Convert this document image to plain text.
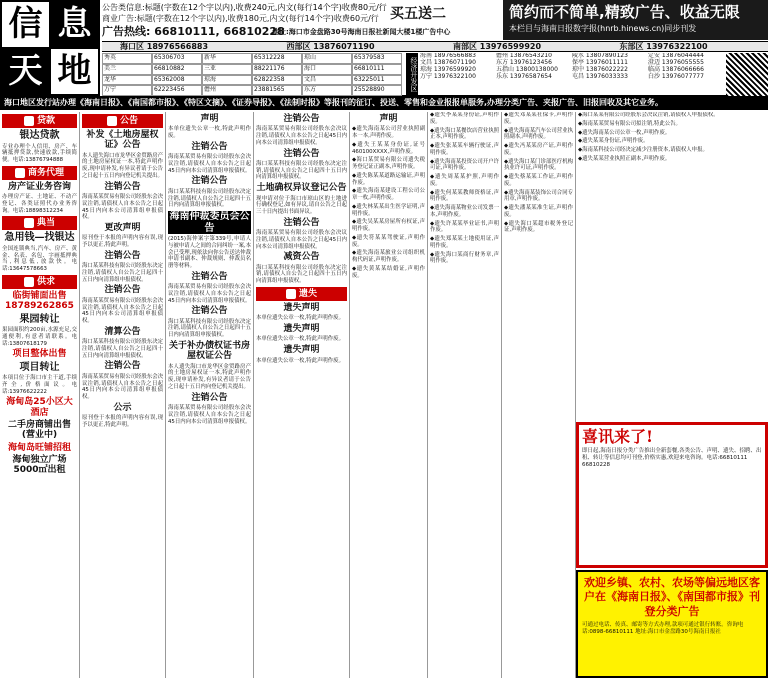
信 息
天 地
公告类信息:标题(字数在12个字以内),收费240元,内文(每行14个字)收费80元/行
商业广告:标题(字数在12个字以内),收费180元,内文(每行14个字)收费60元/行
广告热线: 66810111, 66810228
地址:海口市金盘路30号海南日报社新闻大楼1楼广告中心
买五送二	简约而不简单,精致广告、收益无限
本栏目与海南日报数字报(hnrb.hinews.cn)同步刊发
海口区 18976566883	西部区 13876071190	南部区 13976599920	东部区 13976322100
秀英	65306703	新华	65312228	琼山	65379583
美兰	66810882	三亚	88221176	海口	66810111
龙华	65362008	琼海	62822358	文昌	63225011
万宁	62223456	儋州	23881565	东方	25528890	经济开发区
海南 18976566883
文昌 13876071190
琼海 13976599920
万宁 13976322100
儋州 13876543210
东方 13976123456
五指山 13800138000
乐东 13976587654
陵水 13807890123
保亭 13976011111
琼中 13876022222
屯昌 13976033333
定安 13876044444
澄迈 13976055555
临高 13876066666
白沙 13976077777
海口地区发行站办理《海南日报》、《南国都市报》、《特区文摘》、《证券导报》、《法制时报》等报刊的征订、投送、零售和金业报报单服务,办理分类广告、夹报广告、旧报回收及其它业务。
贷款
银达贷款

专业办理个人信用、房产、车辆抵押贷款,快速放款,手续简便。电话:13876794888

商务代理
房产证业务咨询

办理房产证、土地证、不动产登记、各类证照代办业务咨询。电话:18898312234

典当
急用钱—找银达

全国连锁典当,汽车、房产、黄金、名表、名包、字画抵押典当,利息低,放款快。电话:13647578663

供求
临街铺面出售 18789262865
果园转让

果园面积约200亩,水源充足,交通便利,有意者请联系。电话:13807618179

项目整体出售
项目转让

本项目位于海口市主干道,手续齐全,价格面议。电话:13976622222

海甸岛25小区大酒店
二手房商铺出售(营业中)
海甸岛旺铺招租
海甸独立广场5000㎡出租
公告
补发《土地房屋权证》公告

本人遗失海口市龙华区金贸路房产的土地房屋权证一本,特此声明作废,现申请补发,有异议者请于公告之日起十五日内向登记机关提出。

注销公告

海南某某贸易有限公司经股东会决议注销,请债权人自本公告之日起45日内向本公司清算组申报债权。

更改声明

原刊登于本报的声明内容有误,现予以更正,特此声明。

注销公告

海口某某科技有限公司经股东决定注销,请债权人自公告之日起四十五日内向清算组申报债权。

注销公告

海南某某贸易有限公司经股东会决议注销,请债权人自本公告之日起45日内向本公司清算组申报债权。

清算公告

海口某某科技有限公司经股东决定注销,请债权人自公告之日起四十五日内向清算组申报债权。

注销公告

海南某某贸易有限公司经股东会决议注销,请债权人自本公告之日起45日内向本公司清算组申报债权。

公示

原刊登于本报的声明内容有误,现予以更正,特此声明。

声明

本单位遗失公章一枚,特此声明作废。

注销公告

海南某某贸易有限公司经股东会决议注销,请债权人自本公告之日起45日内向本公司清算组申报债权。

注销公告

海口某某科技有限公司经股东决定注销,请债权人自公告之日起四十五日内向清算组申报债权。

海南仲裁委员会公告

(2015)海仲案字第339号,申请人与被申请人之间的合同纠纷一案,本会已受理,现依法向你公告送达仲裁申请书副本、仲裁规则、仲裁员名册等材料。

注销公告

海南某某贸易有限公司经股东会决议注销,请债权人自本公告之日起45日内向本公司清算组申报债权。

注销公告

海口某某科技有限公司经股东决定注销,请债权人自公告之日起四十五日内向清算组申报债权。

关于补办债权证书房屋权证公告

本人遗失海口市龙华区金贸路房产的土地房屋权证一本,特此声明作废,现申请补发,有异议者请于公告之日起十五日内向登记机关提出。

注销公告

海南某某贸易有限公司经股东会决议注销,请债权人自本公告之日起45日内向本公司清算组申报债权。

注销公告

海南某某贸易有限公司经股东会决议注销,请债权人自本公告之日起45日内向本公司清算组申报债权。

注销公告

海口某某科技有限公司经股东决定注销,请债权人自公告之日起四十五日内向清算组申报债权。

土地确权异议登记公告

现申请对位于海口市琼山区的土地进行确权登记,如有异议,请自公告之日起三十日内提出书面异议。

注销公告

海南某某贸易有限公司经股东会决议注销,请债权人自本公告之日起45日内向本公司清算组申报债权。

减资公告

海口某某科技有限公司经股东决定注销,请债权人自公告之日起四十五日内向清算组申报债权。

遗失
遗失声明

本单位遗失公章一枚,特此声明作废。

遗失声明

本单位遗失公章一枚,特此声明作废。

遗失声明

本单位遗失公章一枚,特此声明作废。

声明

◆遗失海南某公司营业执照副本一本,声明作废。

◆遗失王某某身份证,证号460100XXXX,声明作废。

◆海口某贸易有限公司遗失税务登记证正副本,声明作废。

◆遗失陈某某道路运输证,声明作废。

◆遗失海南某建设工程公司公章一枚,声明作废。

◆遗失林某某出生医学证明,声明作废。

◆遗失吴某某房屋所有权证,声明作废。

◆遗失符某某驾驶证,声明作废。

◆遗失海南某旅业公司组织机构代码证,声明作废。

◆遗失黄某某结婚证,声明作废。

◆遗失李某某身份证,声明作废。

◆遗失海口某餐饮店营业执照正本,声明作废。

◆遗失张某某车辆行驶证,声明作废。

◆遗失海南某投资公司开户许可证,声明作废。

◆遗失周某某护照,声明作废。

◆遗失何某某教师资格证,声明作废。

◆遗失海南某物业公司发票一本,声明作废。

◆遗失许某某毕业证书,声明作废。

◆遗失郑某某土地使用证,声明作废。

◆遗失海口某商行财务章,声明作废。

◆遗失邓某某社保卡,声明作废。

◆遗失海南某汽车公司营业执照副本,声明作废。

◆遗失冯某某房产证,声明作废。

◆遗失海口某门诊部医疗机构执业许可证,声明作废。

◆遗失蔡某某工作证,声明作废。

◆遗失海南某装饰公司合同专用章,声明作废。

◆遗失潘某某准生证,声明作废。

◆遗失海口某超市税务登记证,声明作废。

◆海口某某有限公司经股东会决议注销,请债权人申报债权。

◆海南某某贸易有限公司拟注销,特此公告。

◆遗失海南某公司公章一枚,声明作废。

◆遗失某某身份证,声明作废。

◆海南某科技公司经决定减少注册资本,请债权人申报。

◆遗失某某营业执照正副本,声明作废。

喜讯来了!
即日起,海南日报分类广告推出全新套餐,各类公告、声明、遗失、招聘、出租、转让等信息均可刊登,价格实惠,欢迎来电咨询。电话:66810111 66810228
欢迎乡镇、农村、农场等偏远地区客户在《海南日报》、《南国都市报》刊登分类广告
可通过电话、传真、邮寄等方式办理,款项可通过银行转账。咨询电话:0898-66810111 地址:海口市金盘路30号海南日报社
